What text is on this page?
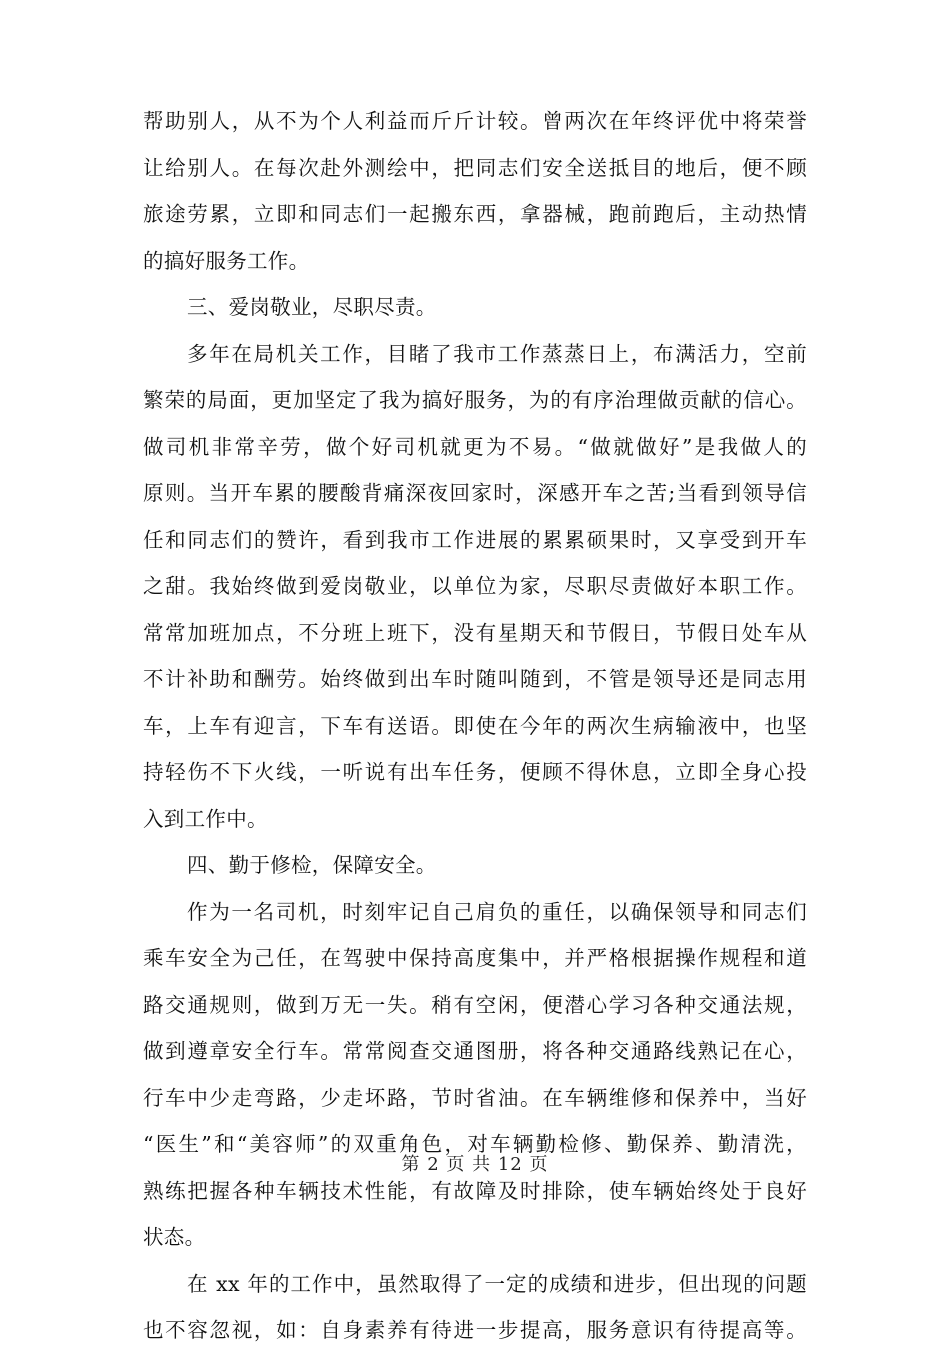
帮助别人，从不为个人利益而斤斤计较。曾两次在年终评优中将荣誉
让给别人。在每次赴外测绘中，把同志们安全送抵目的地后，便不顾
旅途劳累，立即和同志们一起搬东西，拿器械，跑前跑后，主动热情
的搞好服务工作。
三、爱岗敬业，尽职尽责。
多年在局机关工作，目睹了我市工作蒸蒸日上，布满活力，空前
繁荣的局面，更加坚定了我为搞好服务，为的有序治理做贡献的信心。
做司机非常辛劳，做个好司机就更为不易。“做就做好”是我做人的
原则。当开车累的腰酸背痛深夜回家时，深感开车之苦;当看到领导信
任和同志们的赞许，看到我市工作进展的累累硕果时，又享受到开车
之甜。我始终做到爱岗敬业，以单位为家，尽职尽责做好本职工作。
常常加班加点，不分班上班下，没有星期天和节假日，节假日处车从
不计补助和酬劳。始终做到出车时随叫随到，不管是领导还是同志用
车，上车有迎言，下车有送语。即使在今年的两次生病输液中，也坚
持轻伤不下火线，一听说有出车任务，便顾不得休息，立即全身心投
入到工作中。
四、勤于修检，保障安全。
作为一名司机，时刻牢记自己肩负的重任，以确保领导和同志们
乘车安全为己任，在驾驶中保持高度集中，并严格根据操作规程和道
路交通规则，做到万无一失。稍有空闲，便潜心学习各种交通法规，
做到遵章安全行车。常常阅查交通图册，将各种交通路线熟记在心，
行车中少走弯路，少走坏路，节时省油。在车辆维修和保养中，当好
“医生”和“美容师”的双重角色，对车辆勤检修、勤保养、勤清洗，
熟练把握各种车辆技术性能，有故障及时排除，使车辆始终处于良好
状态。
在 xx 年的工作中，虽然取得了一定的成绩和进步，但出现的问题
也不容忽视，如：自身素养有待进一步提高，服务意识有待提高等。
第 2 页 共 12 页
